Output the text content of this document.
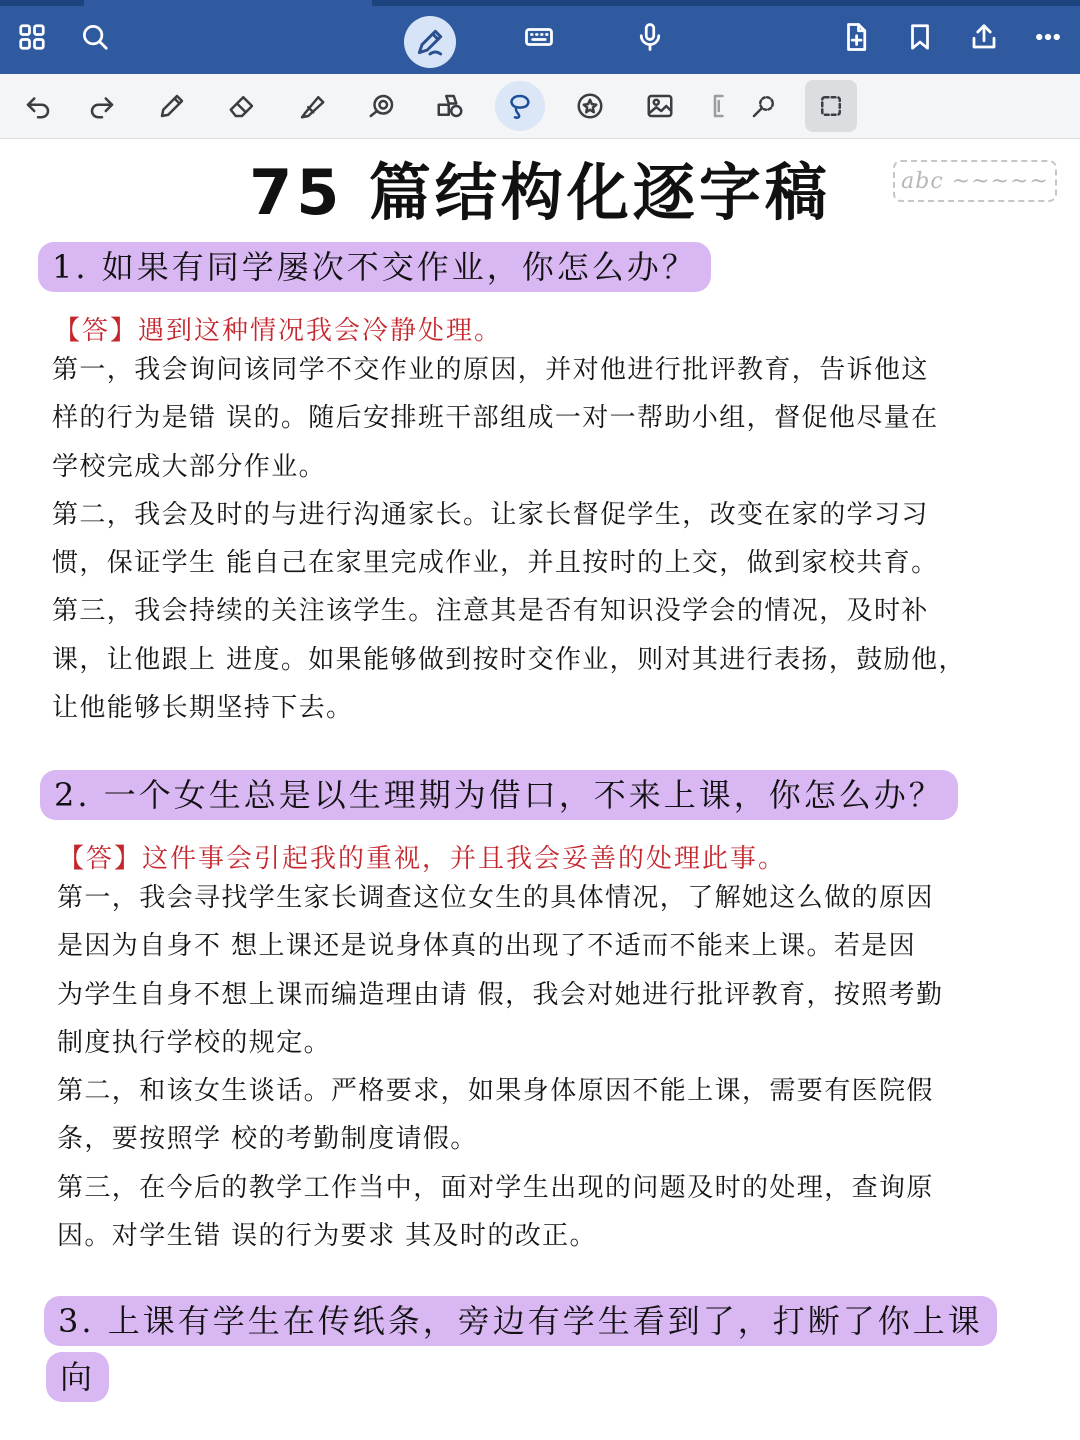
abc ~~~~~
75 篇结构化逐字稿
1. 如果有同学屡次不交作业，你怎么办？
【答】遇到这种情况我会冷静处理。
第一，我会询问该同学不交作业的原因，并对他进行批评教育，告诉他这
样的行为是错 误的。随后安排班干部组成一对一帮助小组，督促他尽量在
学校完成大部分作业。
第二，我会及时的与进行沟通家长。让家长督促学生，改变在家的学习习
惯，保证学生 能自己在家里完成作业，并且按时的上交，做到家校共育。
第三，我会持续的关注该学生。注意其是否有知识没学会的情况，及时补
课，让他跟上 进度。如果能够做到按时交作业，则对其进行表扬，鼓励他，
让他能够长期坚持下去。
2. 一个女生总是以生理期为借口，不来上课，你怎么办？
【答】这件事会引起我的重视，并且我会妥善的处理此事。
第一，我会寻找学生家长调查这位女生的具体情况，了解她这么做的原因
是因为自身不 想上课还是说身体真的出现了不适而不能来上课。若是因
为学生自身不想上课而编造理由请 假，我会对她进行批评教育，按照考勤
制度执行学校的规定。
第二，和该女生谈话。严格要求，如果身体原因不能上课，需要有医院假
条，要按照学 校的考勤制度请假。
第三，在今后的教学工作当中，面对学生出现的问题及时的处理，查询原
因。对学生错 误的行为要求 其及时的改正。
3. 上课有学生在传纸条，旁边有学生看到了，打断了你上课
向
